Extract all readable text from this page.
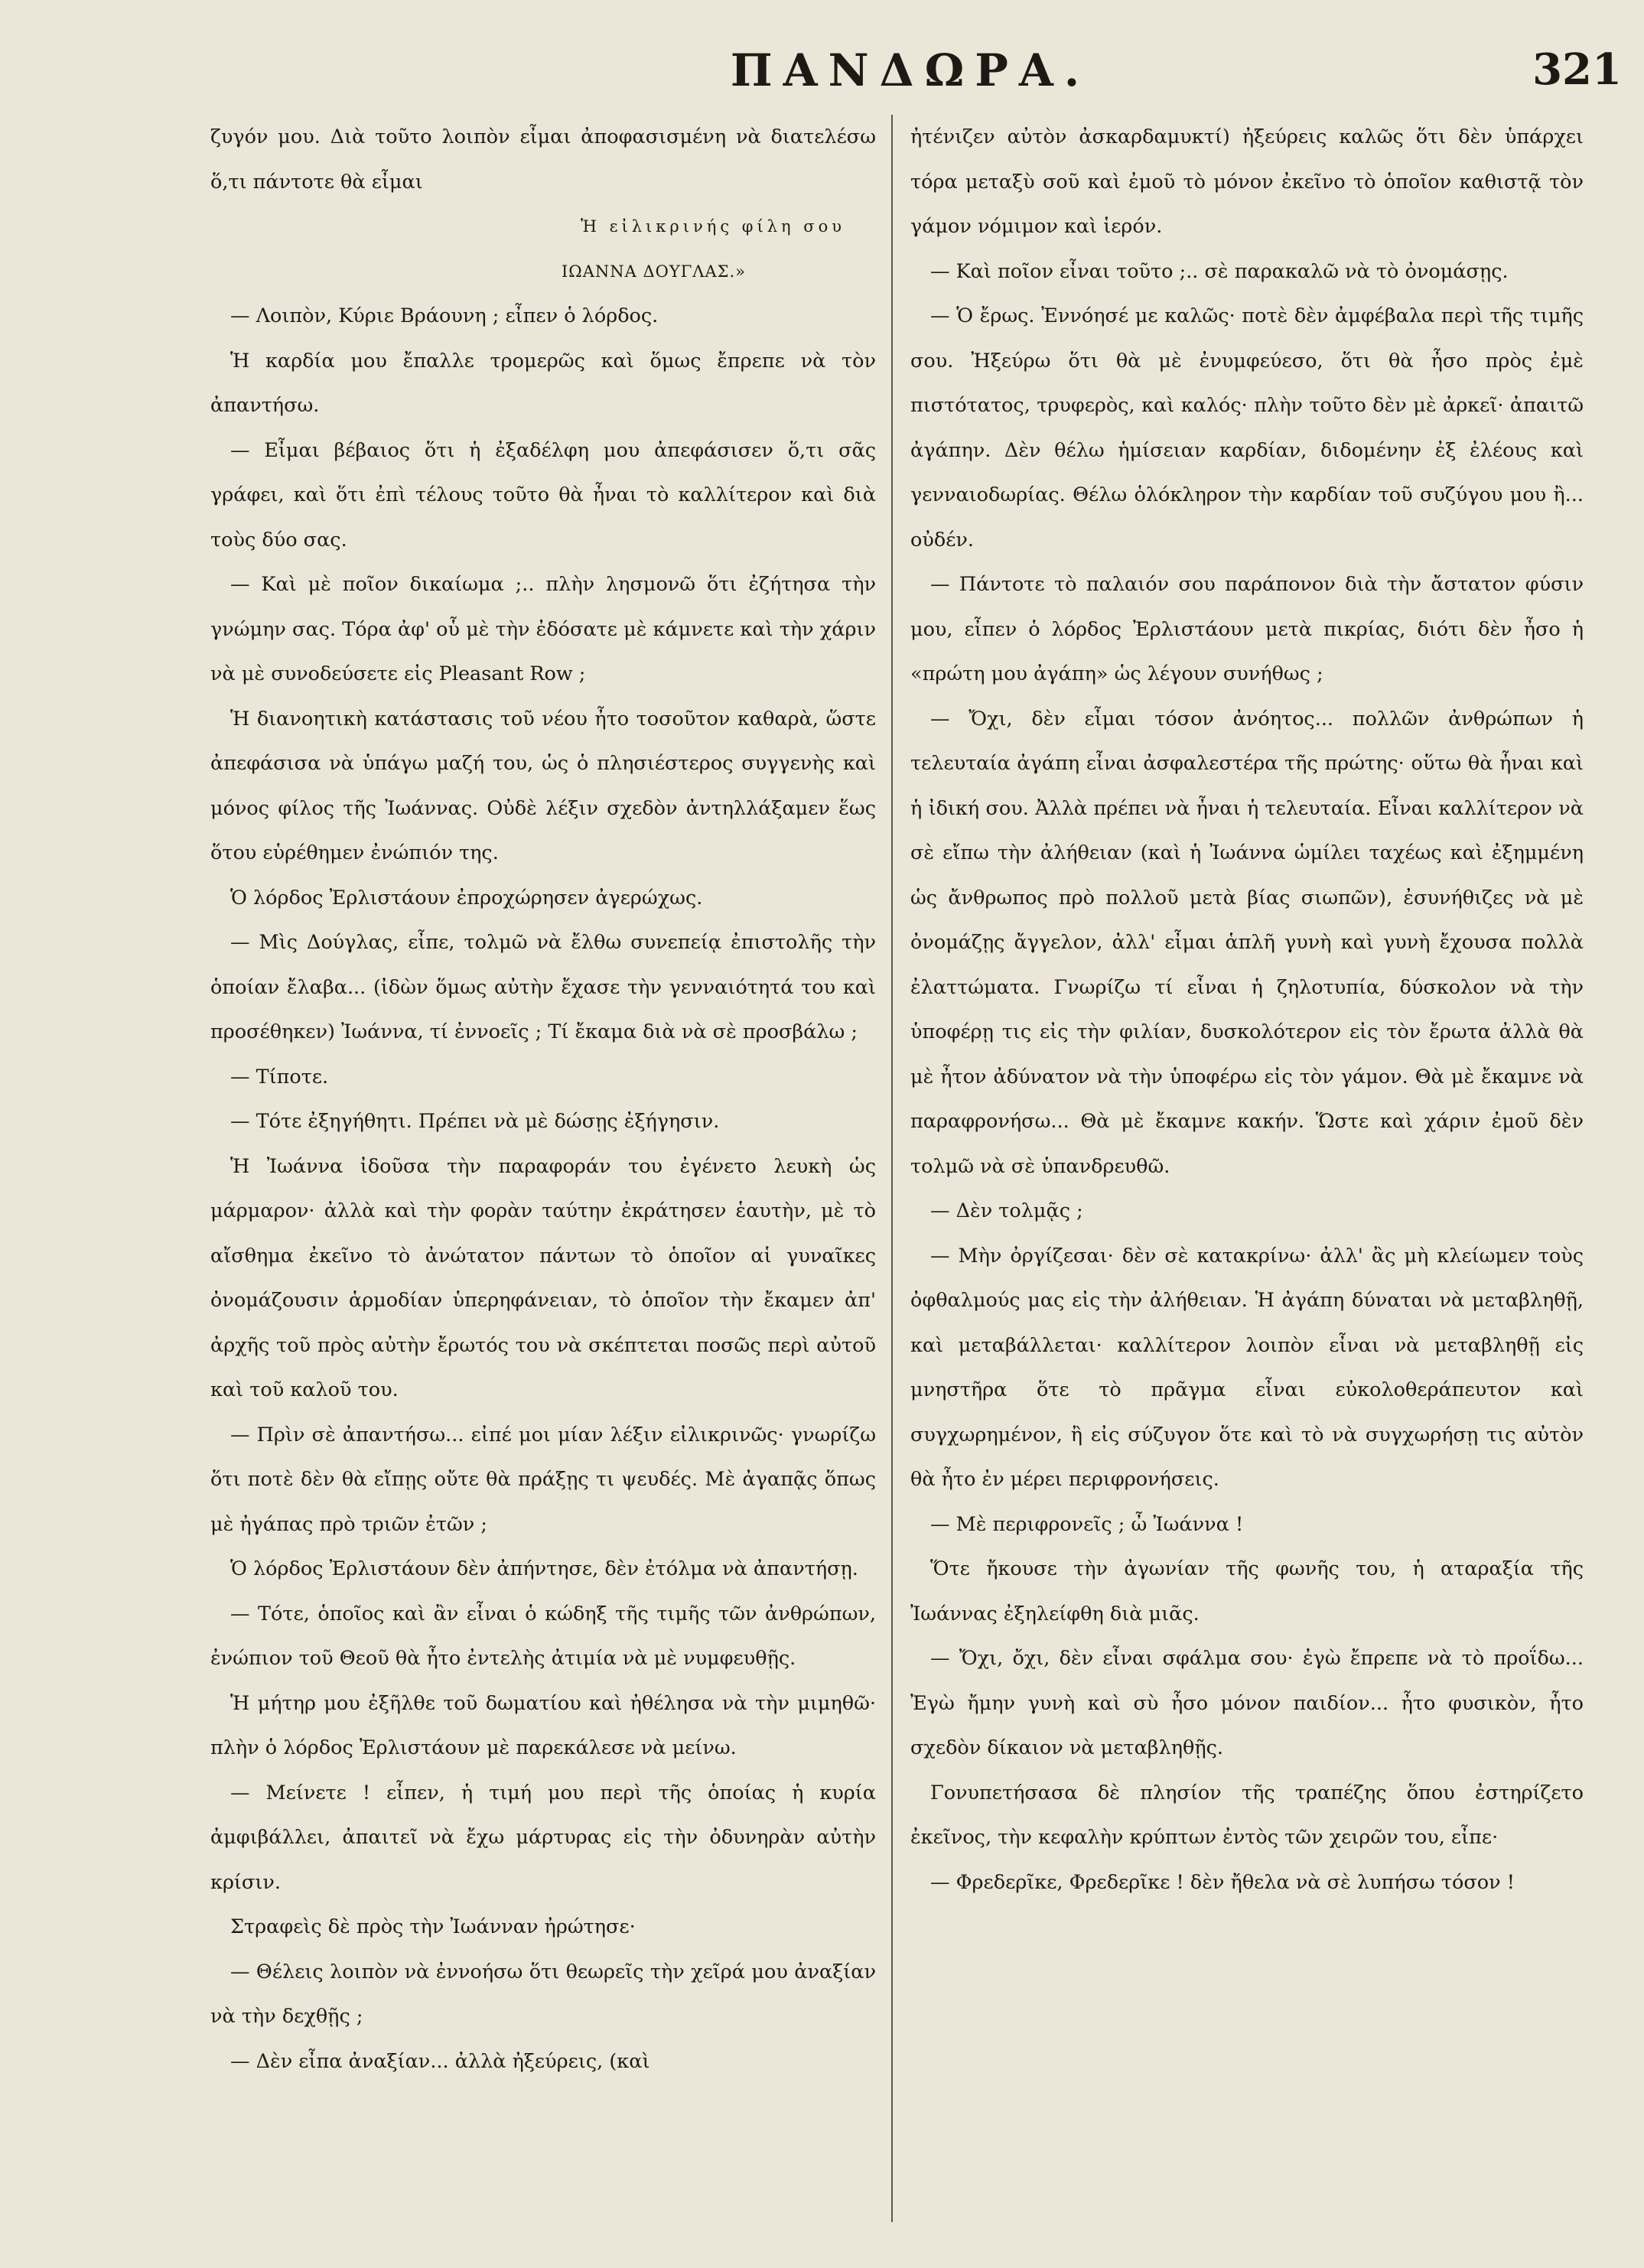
ΠΑΝΔΩΡΑ.	321

ζυγόν μου. Διὰ τοῦτο λοιπὸν εἶμαι ἀποφασισμένη νὰ διατελέσω ὅ,τι πάντοτε θὰ εἶμαι

Ἡ εἰλικρινής φίλη σου

ΙΩΑΝΝΑ ΔΟΥΓΛΑΣ.»

— Λοιπὸν, Κύριε Βράουνη ; εἶπεν ὁ λόρδος.

Ἡ καρδία μου ἔπαλλε τρομερῶς καὶ ὅμως ἔπρεπε νὰ τὸν ἀπαντήσω.

— Εἶμαι βέβαιος ὅτι ἡ ἐξαδέλφη μου ἀπεφάσισεν ὅ,τι σᾶς γράφει, καὶ ὅτι ἐπὶ τέλους τοῦτο θὰ ἦναι τὸ καλλίτερον καὶ διὰ τοὺς δύο σας.

— Καὶ μὲ ποῖον δικαίωμα ;.. πλὴν λησμονῶ ὅτι ἐζήτησα τὴν γνώμην σας. Τόρα ἀφ' οὗ μὲ τὴν ἐδόσατε μὲ κάμνετε καὶ τὴν χάριν νὰ μὲ συνοδεύσετε εἰς Pleasant Row ;

Ἡ διανοητικὴ κατάστασις τοῦ νέου ἦτο τοσοῦτον καθαρὰ, ὥστε ἀπεφάσισα νὰ ὑπάγω μαζή του, ὡς ὁ πλησιέστερος συγγενὴς καὶ μόνος φίλος τῆς Ἰωάννας. Οὐδὲ λέξιν σχεδὸν ἀντηλλάξαμεν ἕως ὅτου εὑρέθημεν ἐνώπιόν της.

Ὁ λόρδος Ἐρλιστάουν ἐπροχώρησεν ἀγερώχως.

— Μὶς Δούγλας, εἶπε, τολμῶ νὰ ἔλθω συνεπείᾳ ἐπιστολῆς τὴν ὁποίαν ἔλαβα... (ἰδὼν ὅμως αὐτὴν ἔχασε τὴν γενναιότητά του καὶ προσέθηκεν) Ἰωάννα, τί ἐννοεῖς ; Τί ἔκαμα διὰ νὰ σὲ προσβάλω ;

— Τίποτε.

— Τότε ἐξηγήθητι. Πρέπει νὰ μὲ δώσῃς ἐξήγησιν.

Ἡ Ἰωάννα ἰδοῦσα τὴν παραφοράν του ἐγένετο λευκὴ ὡς μάρμαρον· ἀλλὰ καὶ τὴν φορὰν ταύτην ἐκράτησεν ἑαυτὴν, μὲ τὸ αἴσθημα ἐκεῖνο τὸ ἀνώτατον πάντων τὸ ὁποῖον αἱ γυναῖκες ὀνομάζουσιν ἁρμοδίαν ὑπερηφάνειαν, τὸ ὁποῖον τὴν ἔκαμεν ἀπ' ἀρχῆς τοῦ πρὸς αὐτὴν ἔρωτός του νὰ σκέπτεται ποσῶς περὶ αὐτοῦ καὶ τοῦ καλοῦ του.

— Πρὶν σὲ ἀπαντήσω... εἰπέ μοι μίαν λέξιν εἰλικρινῶς· γνωρίζω ὅτι ποτὲ δὲν θὰ εἴπῃς οὔτε θὰ πράξῃς τι ψευδές. Μὲ ἀγαπᾷς ὅπως μὲ ἠγάπας πρὸ τριῶν ἐτῶν ;

Ὁ λόρδος Ἐρλιστάουν δὲν ἀπήντησε, δὲν ἐτόλμα νὰ ἀπαντήσῃ.

— Τότε, ὁποῖος καὶ ἂν εἶναι ὁ κώδηξ τῆς τιμῆς τῶν ἀνθρώπων, ἐνώπιον τοῦ Θεοῦ θὰ ἦτο ἐντελὴς ἀτιμία νὰ μὲ νυμφευθῇς.

Ἡ μήτηρ μου ἐξῆλθε τοῦ δωματίου καὶ ἠθέλησα νὰ τὴν μιμηθῶ· πλὴν ὁ λόρδος Ἐρλιστάουν μὲ παρεκάλεσε νὰ μείνω.

— Μείνετε ! εἶπεν, ἡ τιμή μου περὶ τῆς ὁποίας ἡ κυρία ἀμφιβάλλει, ἀπαιτεῖ νὰ ἔχω μάρτυρας εἰς τὴν ὀδυνηρὰν αὐτὴν κρίσιν.

Στραφεὶς δὲ πρὸς τὴν Ἰωάνναν ἠρώτησε·

— Θέλεις λοιπὸν νὰ ἐννοήσω ὅτι θεωρεῖς τὴν χεῖρά μου ἀναξίαν νὰ τὴν δεχθῇς ;

— Δὲν εἶπα ἀναξίαν... ἀλλὰ ἠξεύρεις, (καὶ

ἠτένιζεν αὐτὸν ἀσκαρδαμυκτί) ἠξεύρεις καλῶς ὅτι δὲν ὑπάρχει τόρα μεταξὺ σοῦ καὶ ἐμοῦ τὸ μόνον ἐκεῖνο τὸ ὁποῖον καθιστᾷ τὸν γάμον νόμιμον καὶ ἱερόν.

— Καὶ ποῖον εἶναι τοῦτο ;.. σὲ παρακαλῶ νὰ τὸ ὀνομάσῃς.

— Ὁ ἔρως. Ἐννόησέ με καλῶς· ποτὲ δὲν ἀμφέβαλα περὶ τῆς τιμῆς σου. Ἠξεύρω ὅτι θὰ μὲ ἐνυμφεύεσο, ὅτι θὰ ἦσο πρὸς ἐμὲ πιστότατος, τρυφερὸς, καὶ καλός· πλὴν τοῦτο δὲν μὲ ἀρκεῖ· ἀπαιτῶ ἀγάπην. Δὲν θέλω ἡμίσειαν καρδίαν, διδομένην ἐξ ἐλέους καὶ γενναιοδωρίας. Θέλω ὁλόκληρον τὴν καρδίαν τοῦ συζύγου μου ἢ... οὐδέν.

— Πάντοτε τὸ παλαιόν σου παράπονον διὰ τὴν ἄστατον φύσιν μου, εἶπεν ὁ λόρδος Ἐρλιστάουν μετὰ πικρίας, διότι δὲν ἦσο ἡ «πρώτη μου ἀγάπη» ὡς λέγουν συνήθως ;

— Ὄχι, δὲν εἶμαι τόσον ἀνόητος... πολλῶν ἀνθρώπων ἡ τελευταία ἀγάπη εἶναι ἀσφαλεστέρα τῆς πρώτης· οὕτω θὰ ἦναι καὶ ἡ ἰδική σου. Ἀλλὰ πρέπει νὰ ἦναι ἡ τελευταία. Εἶναι καλλίτερον νὰ σὲ εἴπω τὴν ἀλήθειαν (καὶ ἡ Ἰωάννα ὡμίλει ταχέως καὶ ἐξημμένη ὡς ἄνθρωπος πρὸ πολλοῦ μετὰ βίας σιωπῶν), ἐσυνήθιζες νὰ μὲ ὀνομάζῃς ἄγγελον, ἀλλ' εἶμαι ἁπλῆ γυνὴ καὶ γυνὴ ἔχουσα πολλὰ ἐλαττώματα. Γνωρίζω τί εἶναι ἡ ζηλοτυπία, δύσκολον νὰ τὴν ὑποφέρῃ τις εἰς τὴν φιλίαν, δυσκολότερον εἰς τὸν ἔρωτα ἀλλὰ θὰ μὲ ἦτον ἀδύνατον νὰ τὴν ὑποφέρω εἰς τὸν γάμον. Θὰ μὲ ἔκαμνε νὰ παραφρονήσω... Θὰ μὲ ἔκαμνε κακήν. Ὥστε καὶ χάριν ἐμοῦ δὲν τολμῶ νὰ σὲ ὑπανδρευθῶ.

— Δὲν τολμᾷς ;

— Μὴν ὀργίζεσαι· δὲν σὲ κατακρίνω· ἀλλ' ἂς μὴ κλείωμεν τοὺς ὀφθαλμούς μας εἰς τὴν ἀλήθειαν. Ἡ ἀγάπη δύναται νὰ μεταβληθῇ, καὶ μεταβάλλεται· καλλίτερον λοιπὸν εἶναι νὰ μεταβληθῇ εἰς μνηστῆρα ὅτε τὸ πρᾶγμα εἶναι εὐκολοθεράπευτον καὶ συγχωρημένον, ἢ εἰς σύζυγον ὅτε καὶ τὸ νὰ συγχωρήσῃ τις αὐτὸν θὰ ἦτο ἐν μέρει περιφρονήσεις.

— Μὲ περιφρονεῖς ; ὦ Ἰωάννα !

Ὅτε ἤκουσε τὴν ἀγωνίαν τῆς φωνῆς του, ἡ αταραξία τῆς Ἰωάννας ἐξηλείφθη διὰ μιᾶς.

— Ὄχι, ὄχι, δὲν εἶναι σφάλμα σου· ἐγὼ ἔπρεπε νὰ τὸ προΐδω... Ἐγὼ ἤμην γυνὴ καὶ σὺ ἦσο μόνον παιδίον... ἦτο φυσικὸν, ἦτο σχεδὸν δίκαιον νὰ μεταβληθῇς.

Γονυπετήσασα δὲ πλησίον τῆς τραπέζης ὅπου ἐστηρίζετο ἐκεῖνος, τὴν κεφαλὴν κρύπτων ἐντὸς τῶν χειρῶν του, εἶπε·

— Φρεδερῖκε, Φρεδερῖκε ! δὲν ἤθελα νὰ σὲ λυπήσω τόσον !
